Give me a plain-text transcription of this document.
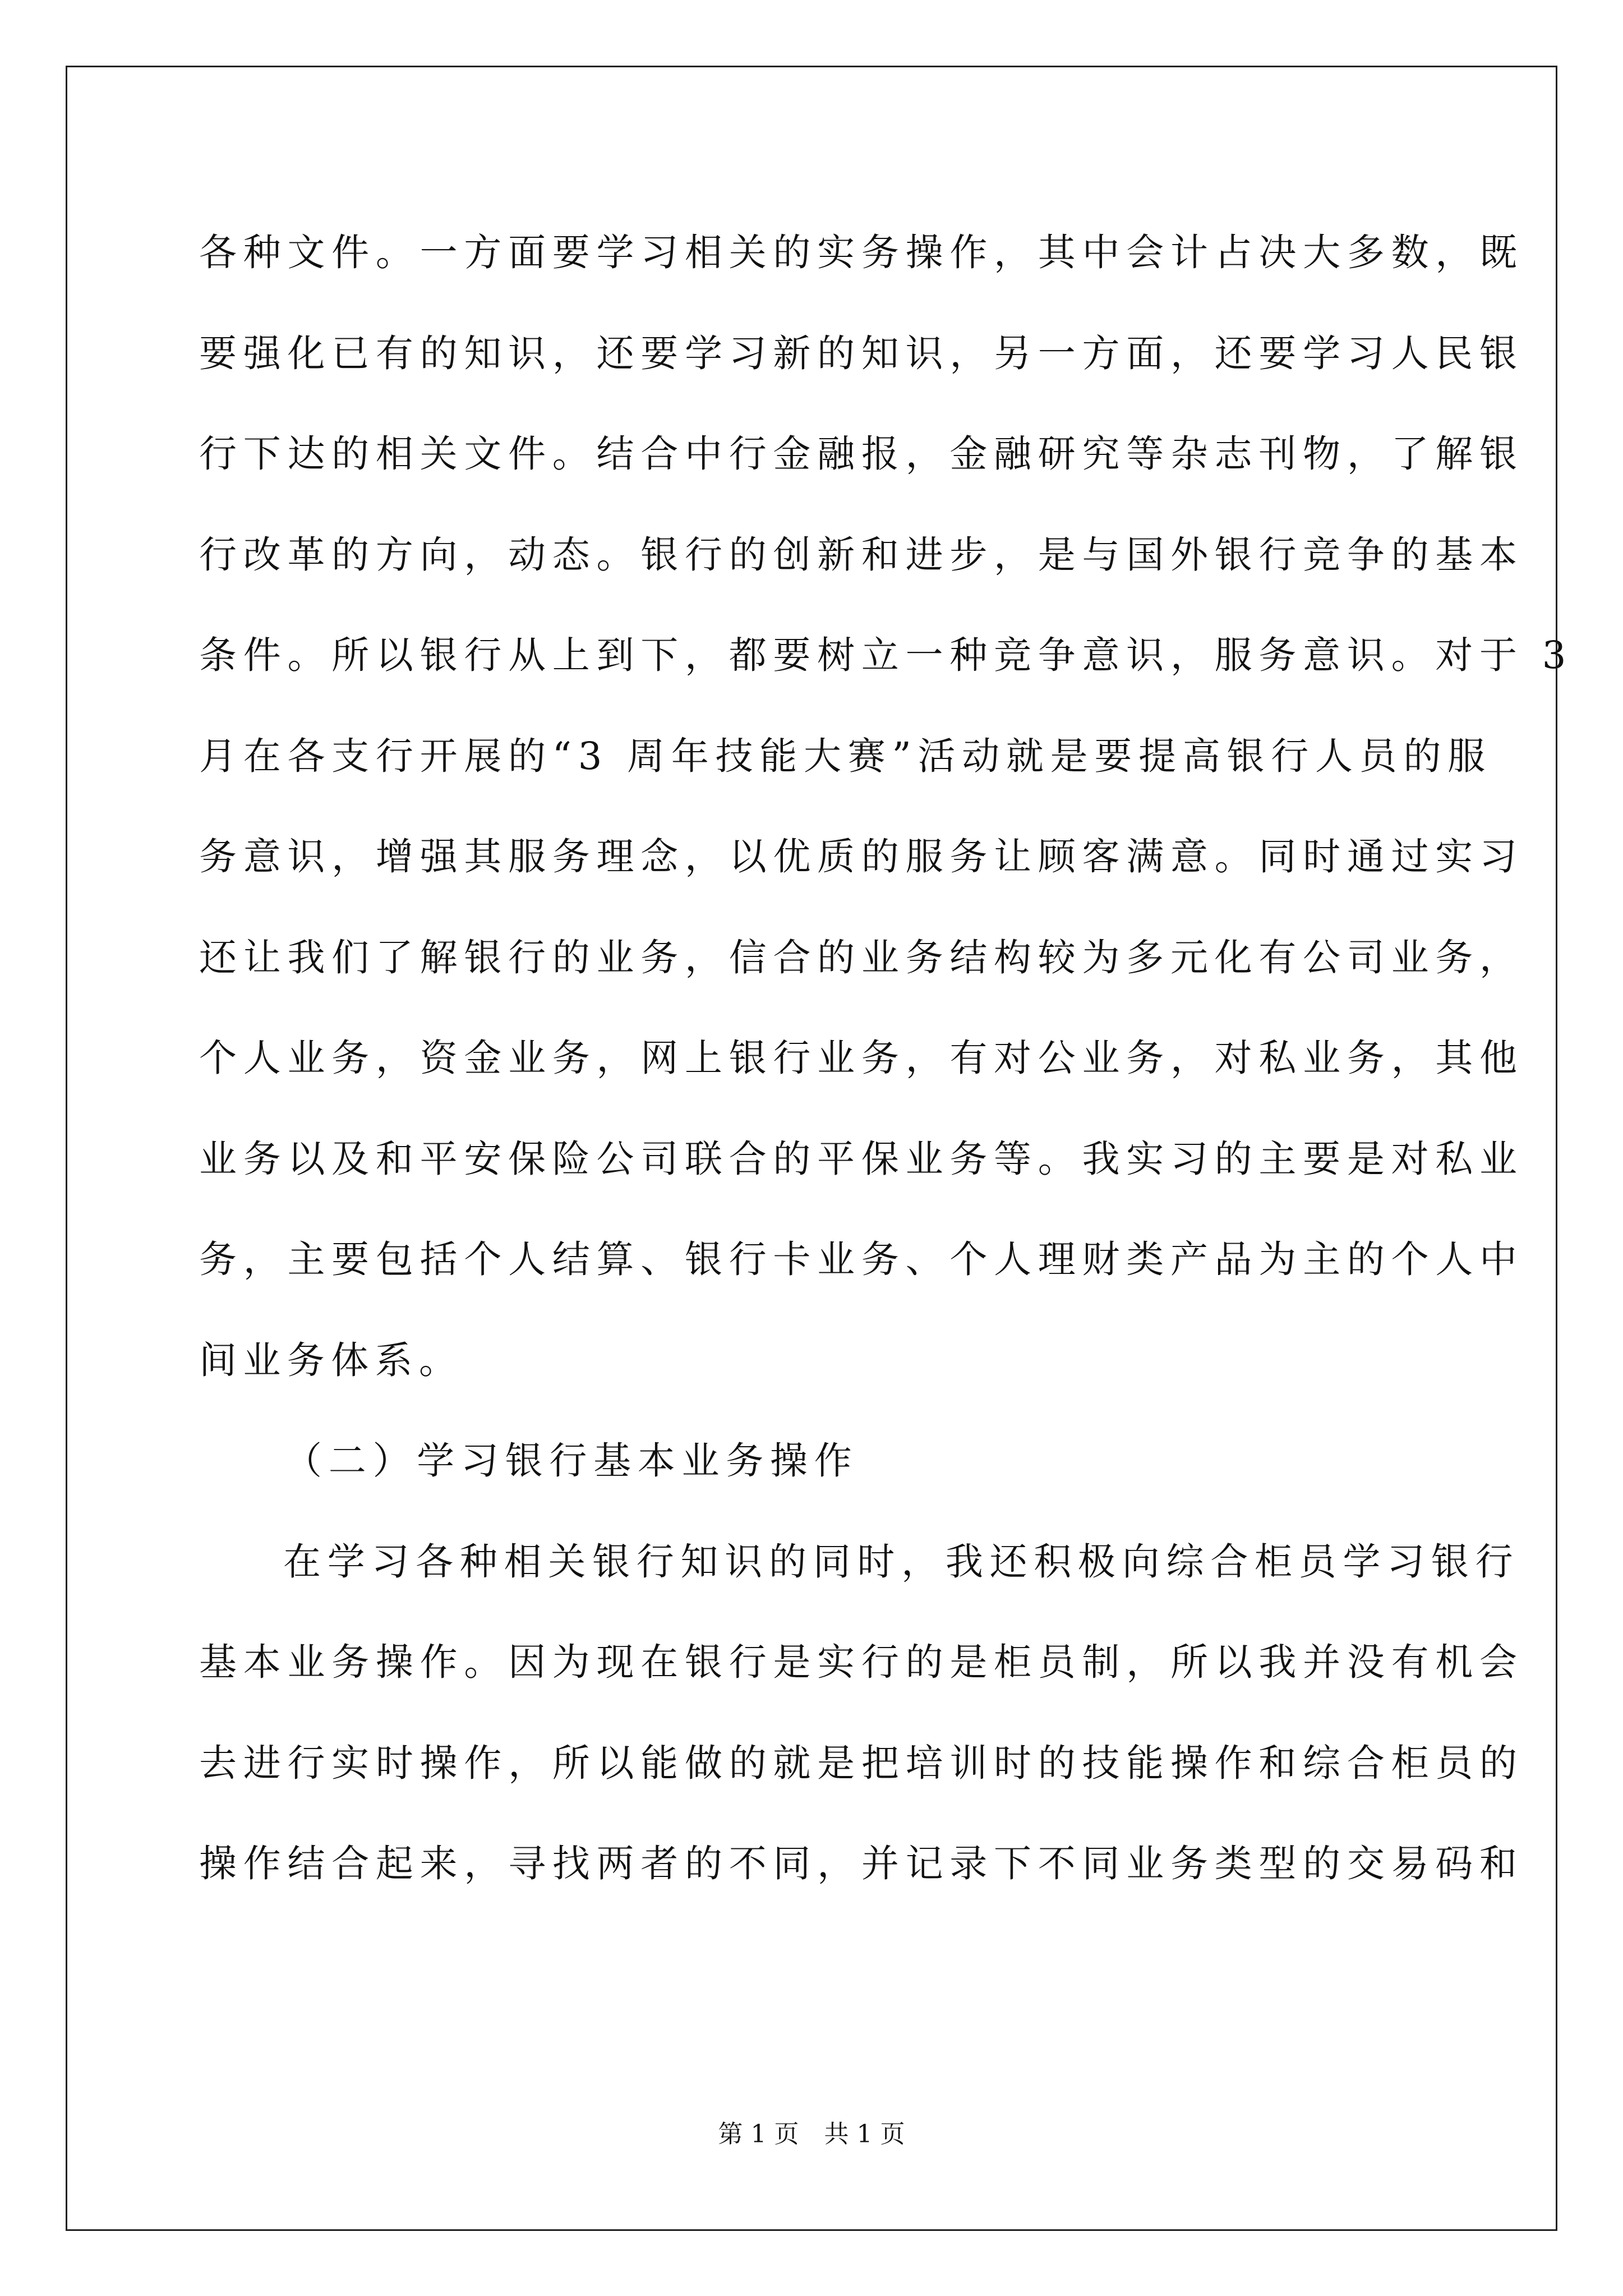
各种文件。一方面要学习相关的实务操作，其中会计占决大多数，既
要强化已有的知识，还要学习新的知识，另一方面，还要学习人民银
行下达的相关文件。结合中行金融报，金融研究等杂志刊物，了解银
行改革的方向，动态。银行的创新和进步，是与国外银行竞争的基本
条件。所以银行从上到下，都要树立一种竞争意识，服务意识。对于 3
月在各支行开展的“3 周年技能大赛”活动就是要提高银行人员的服
务意识，增强其服务理念，以优质的服务让顾客满意。同时通过实习
还让我们了解银行的业务，信合的业务结构较为多元化有公司业务，
个人业务，资金业务，网上银行业务，有对公业务，对私业务，其他
业务以及和平安保险公司联合的平保业务等。我实习的主要是对私业
务，主要包括个人结算、银行卡业务、个人理财类产品为主的个人中
间业务体系。
（二）学习银行基本业务操作
在学习各种相关银行知识的同时，我还积极向综合柜员学习银行
基本业务操作。因为现在银行是实行的是柜员制，所以我并没有机会
去进行实时操作，所以能做的就是把培训时的技能操作和综合柜员的
操作结合起来，寻找两者的不同，并记录下不同业务类型的交易码和
第 1 页 共 1 页
